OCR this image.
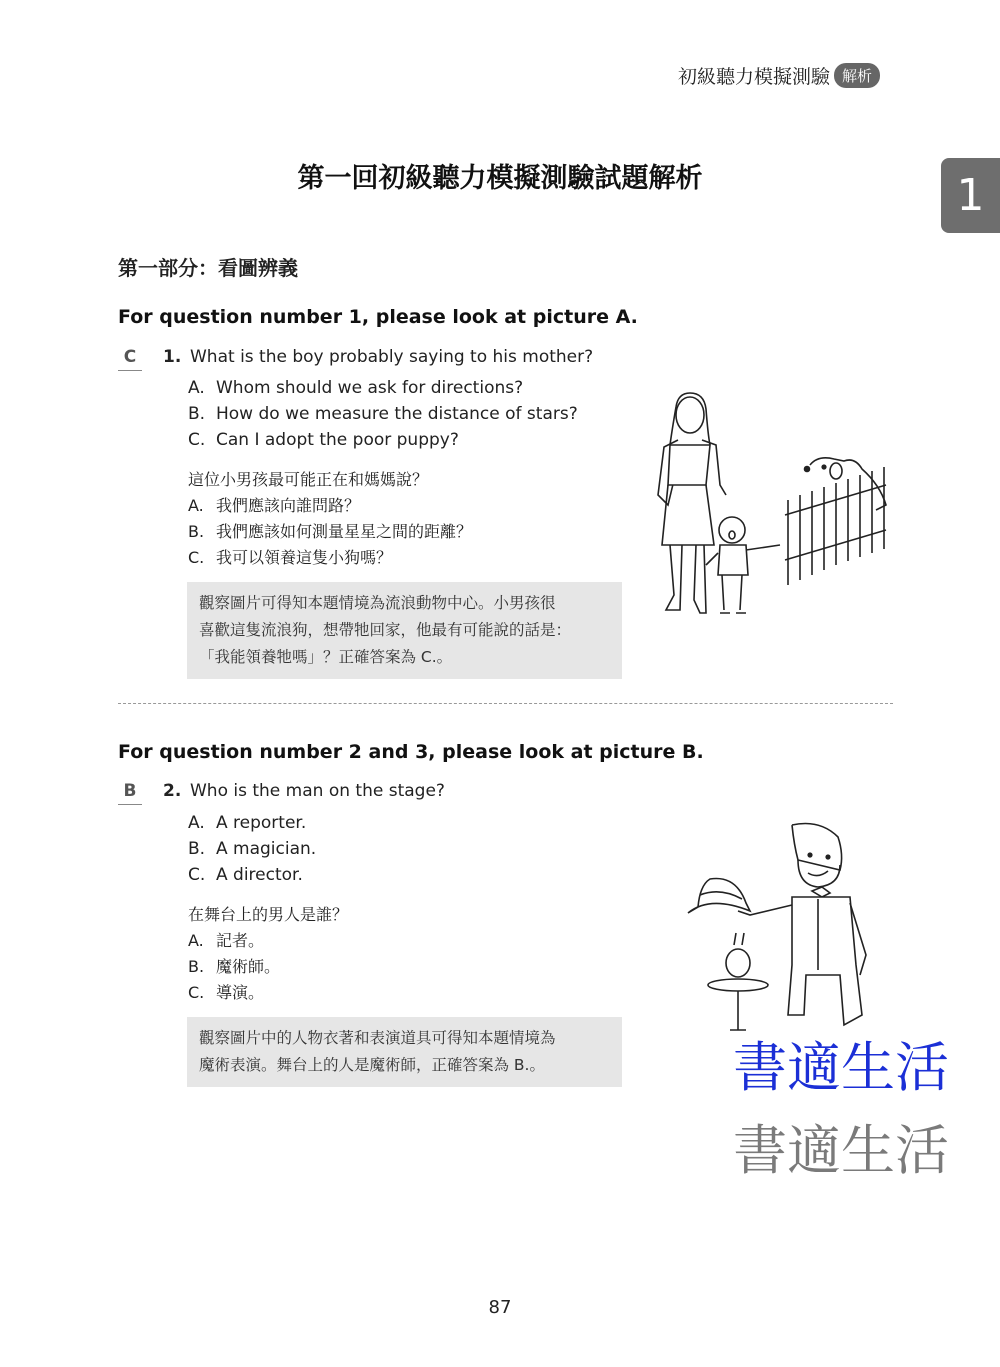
初級聽力模擬測驗 解析
1
第一回初級聽力模擬測驗試題解析
第一部分：看圖辨義
For question number 1, please look at picture A.
C	1. What is the boy probably saying to his mother?
A. Whom should we ask for directions?
B. How do we measure the distance of stars?
C. Can I adopt the poor puppy?
這位小男孩最可能正在和媽媽說？
A. 我們應該向誰問路？
B. 我們應該如何測量星星之間的距離？
C. 我可以領養這隻小狗嗎？
觀察圖片可得知本題情境為流浪動物中心。小男孩很
喜歡這隻流浪狗，想帶牠回家，他最有可能說的話是：
「我能領養牠嗎」？正確答案為 C.。
For question number 2 and 3, please look at picture B.
B	2. Who is the man on the stage?
A. A reporter.
B. A magician.
C. A director.
在舞台上的男人是誰？
A. 記者。
B. 魔術師。
C. 導演。
觀察圖片中的人物衣著和表演道具可得知本題情境為
魔術表演。舞台上的人是魔術師，正確答案為 B.。	書適生活
書適生活
87
